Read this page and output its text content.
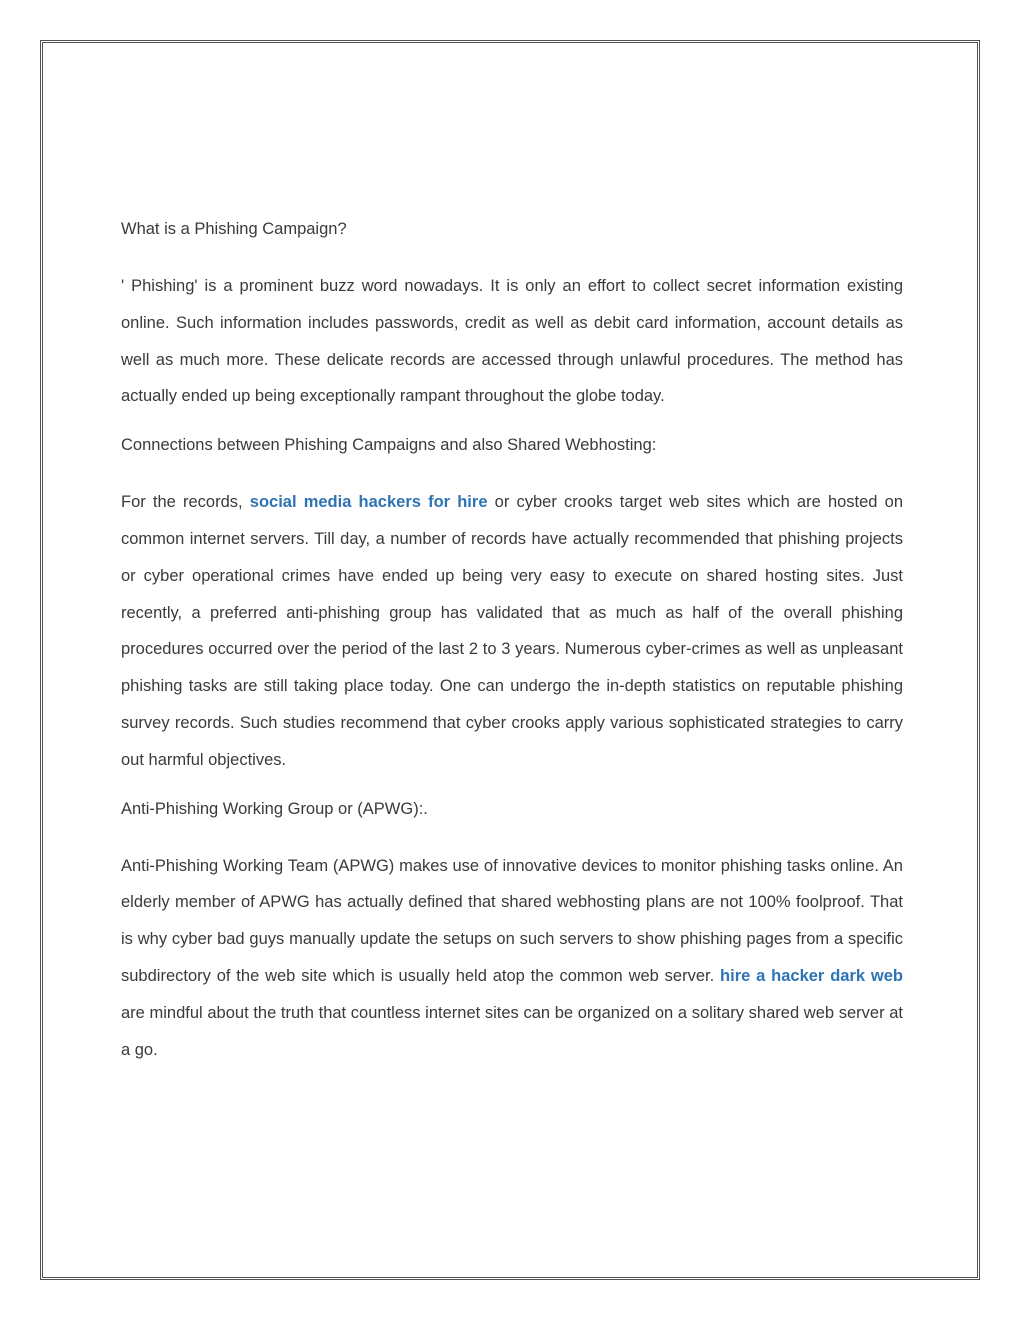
What is a Phishing Campaign?

' Phishing' is a prominent buzz word nowadays. It is only an effort to collect secret information existing online. Such information includes passwords, credit as well as debit card information, account details as well as much more. These delicate records are accessed through unlawful procedures. The method has actually ended up being exceptionally rampant throughout the globe today.

Connections between Phishing Campaigns and also Shared Webhosting:

For the records, social media hackers for hire or cyber crooks target web sites which are hosted on common internet servers. Till day, a number of records have actually recommended that phishing projects or cyber operational crimes have ended up being very easy to execute on shared hosting sites. Just recently, a preferred anti-phishing group has validated that as much as half of the overall phishing procedures occurred over the period of the last 2 to 3 years. Numerous cyber-crimes as well as unpleasant phishing tasks are still taking place today. One can undergo the in-depth statistics on reputable phishing survey records. Such studies recommend that cyber crooks apply various sophisticated strategies to carry out harmful objectives.

Anti-Phishing Working Group or (APWG):.

Anti-Phishing Working Team (APWG) makes use of innovative devices to monitor phishing tasks online. An elderly member of APWG has actually defined that shared webhosting plans are not 100% foolproof. That is why cyber bad guys manually update the setups on such servers to show phishing pages from a specific subdirectory of the web site which is usually held atop the common web server. hire a hacker dark web are mindful about the truth that countless internet sites can be organized on a solitary shared web server at a go.
